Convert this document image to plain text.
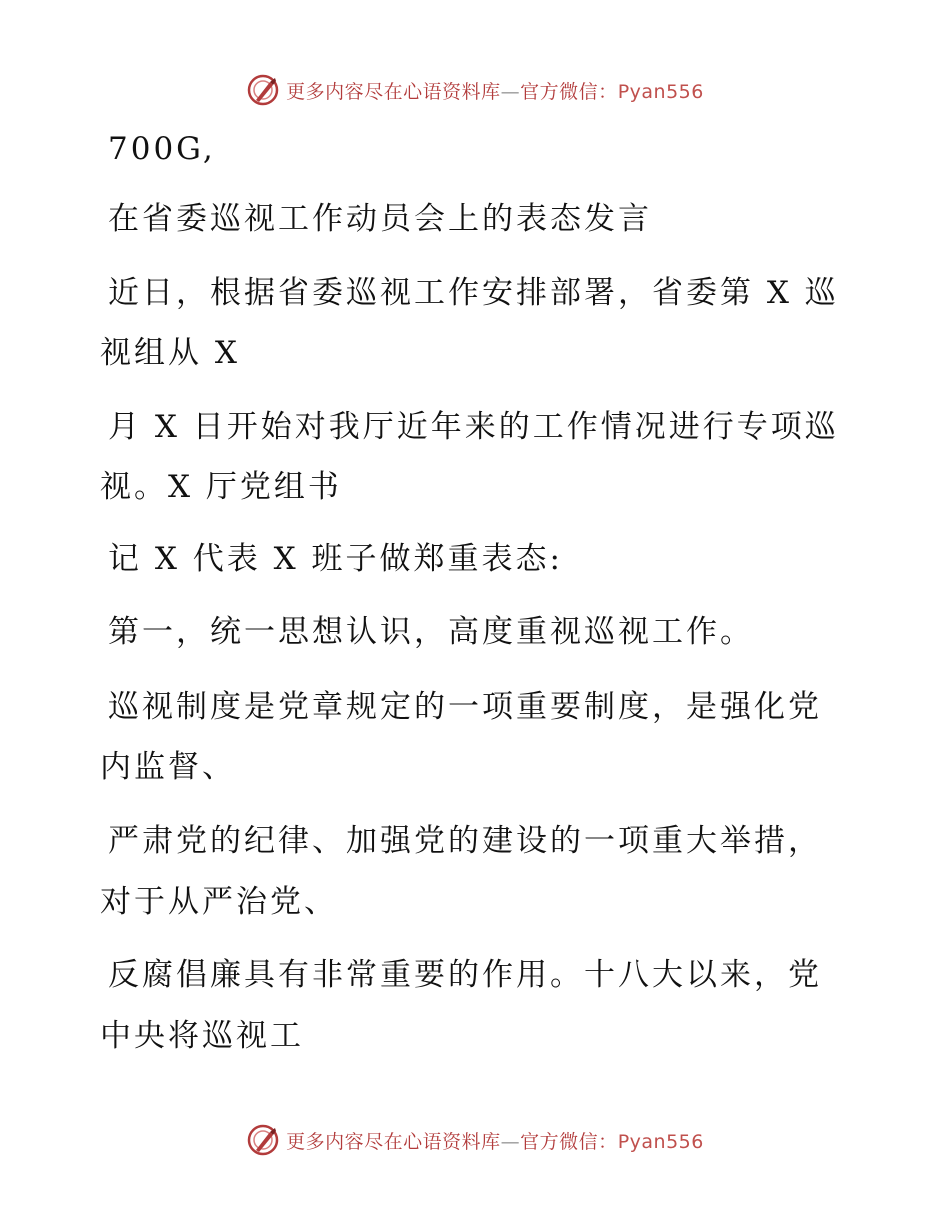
更多内容尽在心语资料库—官方微信：Pyan556
700G,
在省委巡视工作动员会上的表态发言
近日，根据省委巡视工作安排部署，省委第 X 巡
视组从 X
月 X 日开始对我厅近年来的工作情况进行专项巡
视。X 厅党组书
记 X 代表 X 班子做郑重表态:
第一，统一思想认识，高度重视巡视工作。
巡视制度是党章规定的一项重要制度，是强化党
内监督、
严肃党的纪律、加强党的建设的一项重大举措，
对于从严治党、
反腐倡廉具有非常重要的作用。十八大以来，党
中央将巡视工
更多内容尽在心语资料库—官方微信：Pyan556
